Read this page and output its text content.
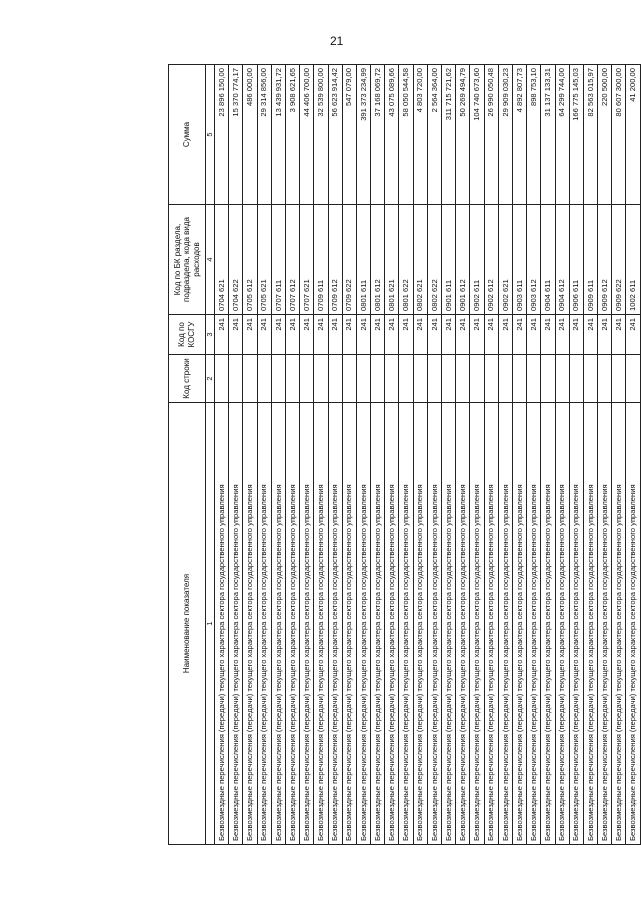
21
Наименование показателя	Код строки	Код по КОСГУ	Код по БК раздела, подраздела, кода вида расходов	Сумма
1	2	3	4	5
Безвозмездные перечисления (передачи) текущего характера сектора государственного управления		241	0704 621	23 896 150,00
Безвозмездные перечисления (передачи) текущего характера сектора государственного управления		241	0704 622	15 370 774,17
Безвозмездные перечисления (передачи) текущего характера сектора государственного управления		241	0705 612	486 000,00
Безвозмездные перечисления (передачи) текущего характера сектора государственного управления		241	0705 621	29 314 856,00
Безвозмездные перечисления (передачи) текущего характера сектора государственного управления		241	0707 611	13 439 931,72
Безвозмездные перечисления (передачи) текущего характера сектора государственного управления		241	0707 612	3 908 621,65
Безвозмездные перечисления (передачи) текущего характера сектора государственного управления		241	0707 621	44 406 700,00
Безвозмездные перечисления (передачи) текущего характера сектора государственного управления		241	0709 611	32 539 800,00
Безвозмездные перечисления (передачи) текущего характера сектора государственного управления		241	0709 612	56 623 914,42
Безвозмездные перечисления (передачи) текущего характера сектора государственного управления		241	0709 622	547 079,00
Безвозмездные перечисления (передачи) текущего характера сектора государственного управления		241	0801 611	391 373 234,99
Безвозмездные перечисления (передачи) текущего характера сектора государственного управления		241	0801 612	37 168 069,72
Безвозмездные перечисления (передачи) текущего характера сектора государственного управления		241	0801 621	43 075 089,66
Безвозмездные перечисления (передачи) текущего характера сектора государственного управления		241	0801 622	58 050 544,58
Безвозмездные перечисления (передачи) текущего характера сектора государственного управления		241	0802 621	4 803 720,00
Безвозмездные перечисления (передачи) текущего характера сектора государственного управления		241	0802 622	2 564 364,00
Безвозмездные перечисления (передачи) текущего характера сектора государственного управления		241	0901 611	311 715 721,62
Безвозмездные перечисления (передачи) текущего характера сектора государственного управления		241	0901 612	50 269 494,79
Безвозмездные перечисления (передачи) текущего характера сектора государственного управления		241	0902 611	104 740 673,60
Безвозмездные перечисления (передачи) текущего характера сектора государственного управления		241	0902 612	26 990 050,48
Безвозмездные перечисления (передачи) текущего характера сектора государственного управления		241	0902 621	29 909 030,23
Безвозмездные перечисления (передачи) текущего характера сектора государственного управления		241	0903 611	4 892 807,73
Безвозмездные перечисления (передачи) текущего характера сектора государственного управления		241	0903 612	898 753,10
Безвозмездные перечисления (передачи) текущего характера сектора государственного управления		241	0904 611	31 137 133,31
Безвозмездные перечисления (передачи) текущего характера сектора государственного управления		241	0904 612	64 299 744,00
Безвозмездные перечисления (передачи) текущего характера сектора государственного управления		241	0906 611	166 775 145,03
Безвозмездные перечисления (передачи) текущего характера сектора государственного управления		241	0909 611	82 563 015,97
Безвозмездные перечисления (передачи) текущего характера сектора государственного управления		241	0909 612	220 500,00
Безвозмездные перечисления (передачи) текущего характера сектора государственного управления		241	0909 622	80 607 300,00
Безвозмездные перечисления (передачи) текущего характера сектора государственного управления		241	1002 611	41 200,00
